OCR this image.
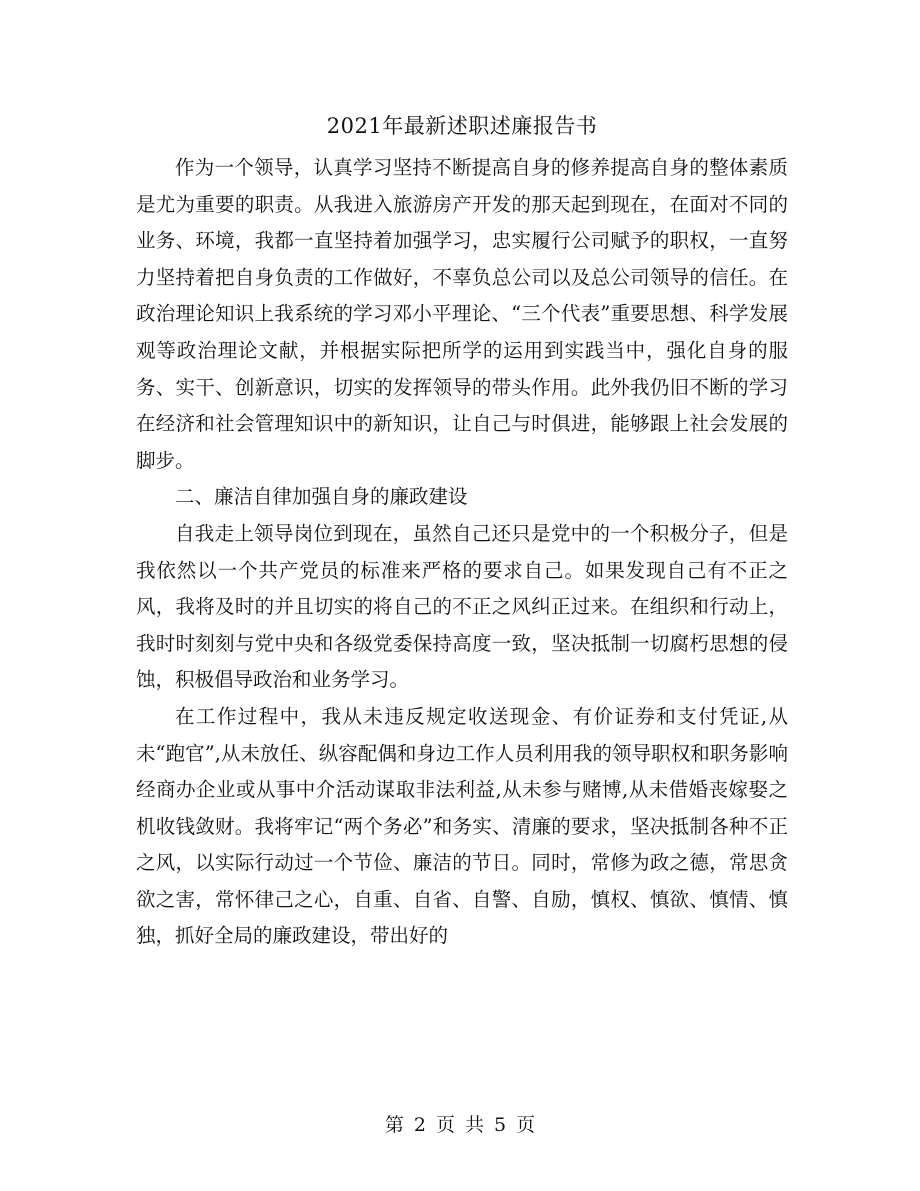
2021年最新述职述廉报告书

作为一个领导，认真学习坚持不断提高自身的修养提高自身的整体素质是尤为重要的职责。从我进入旅游房产开发的那天起到现在，在面对不同的业务、环境，我都一直坚持着加强学习，忠实履行公司赋予的职权，一直努力坚持着把自身负责的工作做好，不辜负总公司以及总公司领导的信任。在政治理论知识上我系统的学习邓小平理论、“三个代表”重要思想、科学发展观等政治理论文献，并根据实际把所学的运用到实践当中，强化自身的服务、实干、创新意识，切实的发挥领导的带头作用。此外我仍旧不断的学习在经济和社会管理知识中的新知识，让自己与时俱进，能够跟上社会发展的脚步。

二、廉洁自律加强自身的廉政建设

自我走上领导岗位到现在，虽然自己还只是党中的一个积极分子，但是我依然以一个共产党员的标准来严格的要求自己。如果发现自己有不正之风，我将及时的并且切实的将自己的不正之风纠正过来。在组织和行动上，我时时刻刻与党中央和各级党委保持高度一致，坚决抵制一切腐朽思想的侵蚀，积极倡导政治和业务学习。

在工作过程中，我从未违反规定收送现金、有价证券和支付凭证,从未“跑官”,从未放任、纵容配偶和身边工作人员利用我的领导职权和职务影响经商办企业或从事中介活动谋取非法利益,从未参与赌博,从未借婚丧嫁娶之机收钱敛财。我将牢记“两个务必”和务实、清廉的要求，坚决抵制各种不正之风，以实际行动过一个节俭、廉洁的节日。同时，常修为政之德，常思贪欲之害，常怀律己之心，自重、自省、自警、自励，慎权、慎欲、慎情、慎独，抓好全局的廉政建设，带出好的

第 2 页 共 5 页
